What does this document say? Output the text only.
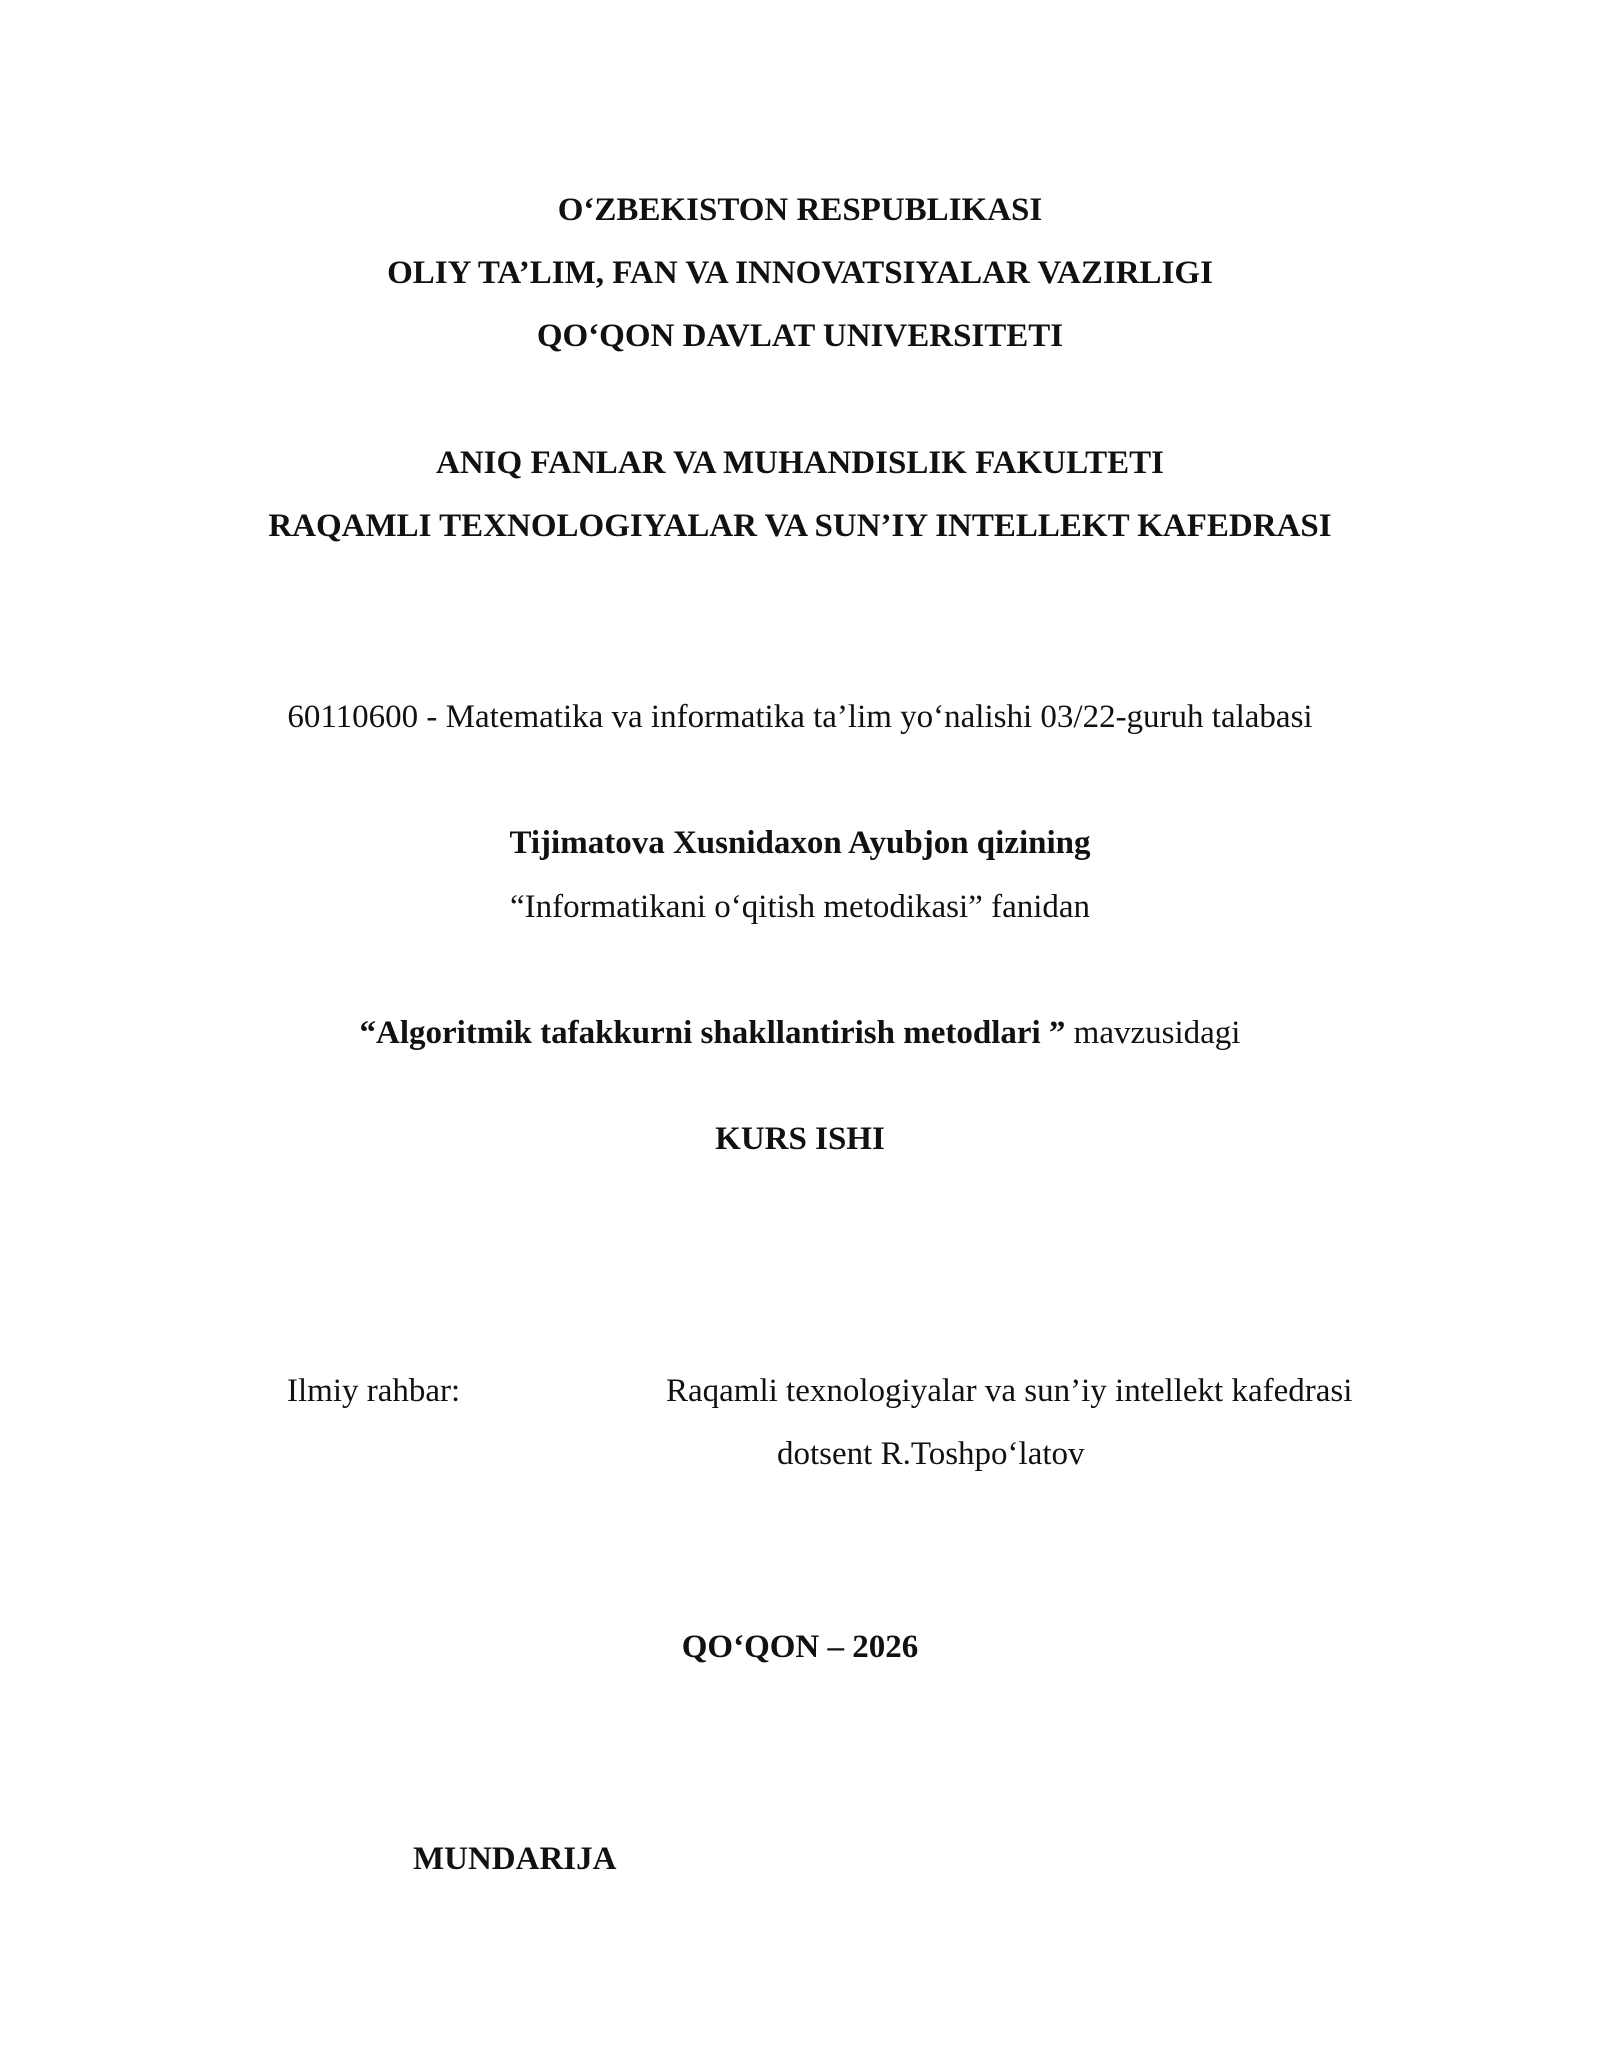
O‘ZBEKISTON RESPUBLIKASI
OLIY TA’LIM, FAN VA INNOVATSIYALAR VAZIRLIGI
QO‘QON DAVLAT UNIVERSITETI
ANIQ FANLAR VA MUHANDISLIK FAKULTETI
RAQAMLI TEXNOLOGIYALAR VA SUN’IY INTELLEKT KAFEDRASI
60110600 - Matematika va informatika ta’lim yo‘nalishi 03/22-guruh talabasi
Tijimatova Xusnidaxon Ayubjon qizining
“Informatikani o‘qitish metodikasi” fanidan
“Algoritmik tafakkurni shakllantirish metodlari ” mavzusidagi
KURS ISHI
Ilmiy rahbar:	Raqamli texnologiyalar va sun’iy intellekt kafedrasi
dotsent R.Toshpo‘latov
QO‘QON – 2026
MUNDARIJA
